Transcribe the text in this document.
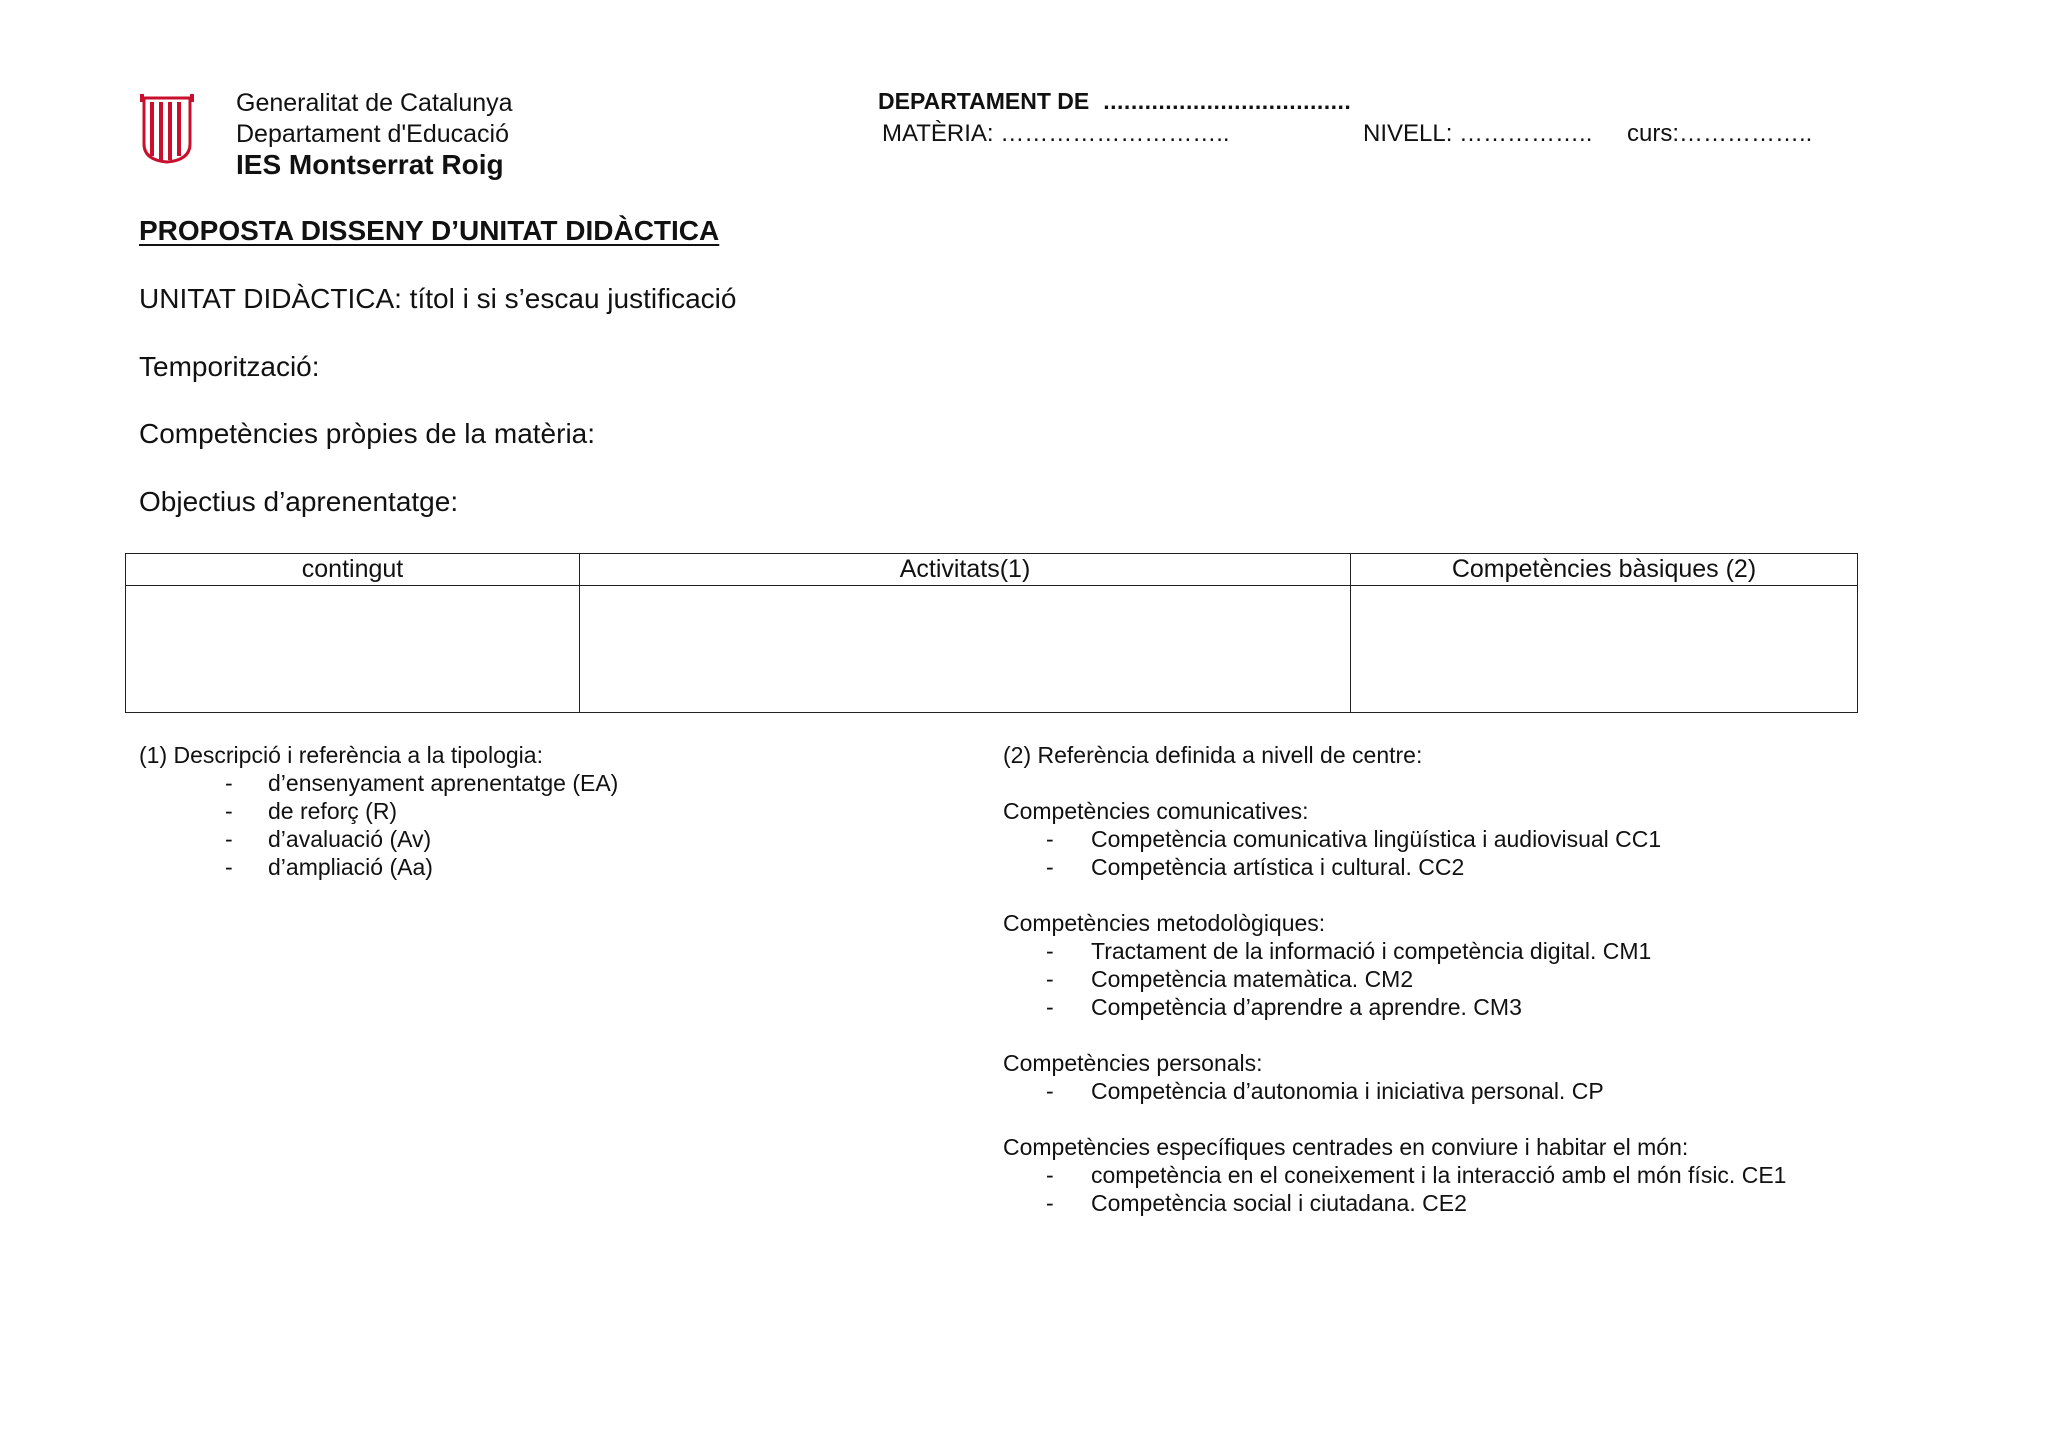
Generalitat de Catalunya
Departament d'Educació
IES Montserrat Roig
DEPARTAMENT DE ....................................
MATÈRIA: ………………………..	NIVELL: …………….. curs:……………..
PROPOSTA DISSENY D’UNITAT DIDÀCTICA
UNITAT DIDÀCTICA: títol i si s’escau justificació
Temporització:
Competències pròpies de la matèria:
Objectius d’aprenentatge:
contingut	Activitats(1)	Competències bàsiques (2)

(1) Descripció i referència a la tipologia:
- d’ensenyament aprenentatge (EA)
- de reforç (R)
- d’avaluació (Av)
- d’ampliació (Aa)
(2) Referència definida a nivell de centre:
Competències comunicatives:
- Competència comunicativa lingüística i audiovisual CC1
- Competència artística i cultural. CC2
Competències metodològiques:
- Tractament de la informació i competència digital. CM1
- Competència matemàtica. CM2
- Competència d’aprendre a aprendre. CM3
Competències personals:
- Competència d’autonomia i iniciativa personal. CP
Competències específiques centrades en conviure i habitar el món:
- competència en el coneixement i la interacció amb el món físic. CE1
- Competència social i ciutadana. CE2
